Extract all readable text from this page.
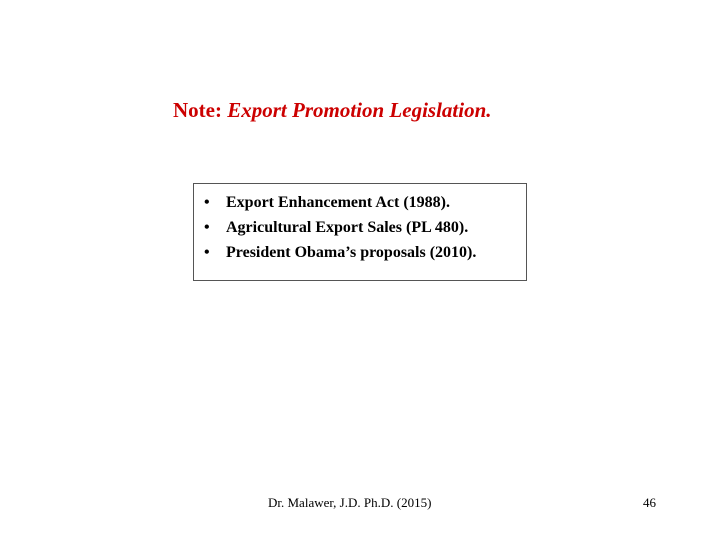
Note: Export Promotion Legislation.
• Export Enhancement Act (1988).
• Agricultural Export Sales (PL 480).
• President Obama’s proposals (2010).
Dr. Malawer, J.D. Ph.D. (2015)	46
